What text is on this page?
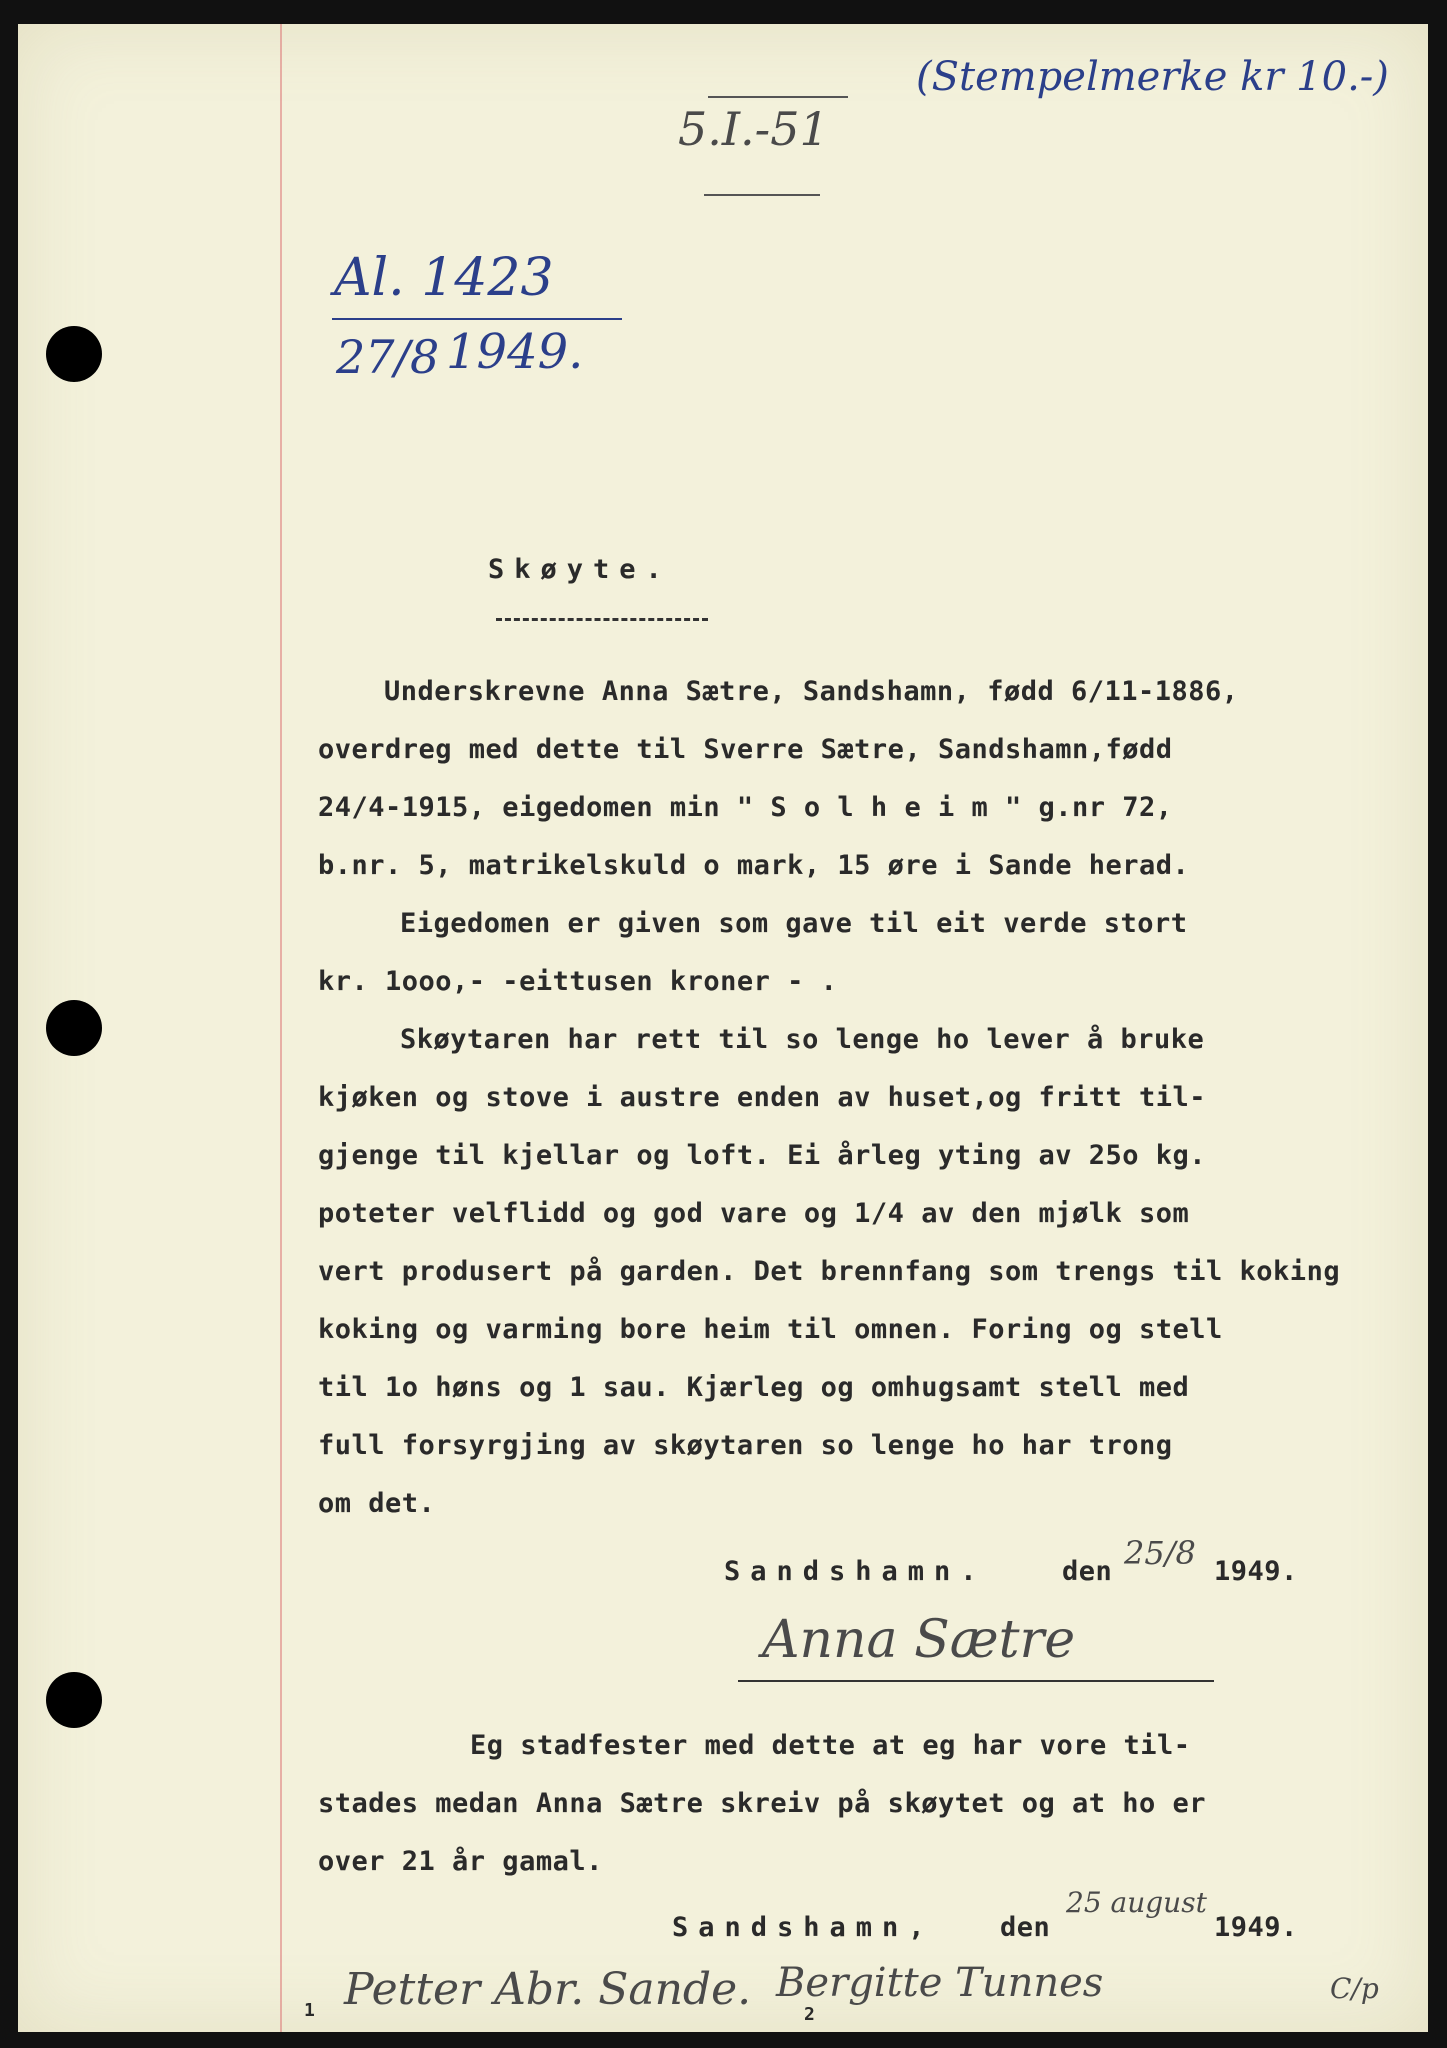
(Stempelmerke kr 10.-)
5.I.-51
Al. 1423
27/8 1949.
Skøyte.
Underskrevne Anna Sætre, Sandshamn, fødd 6/11-1886,
overdreg med dette til Sverre Sætre, Sandshamn,fødd
24/4-1915, eigedomen min " S o l h e i m " g.nr 72,
b.nr. 5, matrikelskuld o mark, 15 øre i Sande herad.
Eigedomen er given som gave til eit verde stort
kr. 1ooo,- -eittusen kroner - .
Skøytaren har rett til so lenge ho lever å bruke
kjøken og stove i austre enden av huset,og fritt til-
gjenge til kjellar og loft. Ei årleg yting av 25o kg.
poteter velflidd og god vare og 1/4 av den mjølk som
vert produsert på garden. Det brennfang som trengs til koking
koking og varming bore heim til omnen. Foring og stell
til 1o høns og 1 sau. Kjærleg og omhugsamt stell med
full forsyrgjing av skøytaren so lenge ho har trong
om det.
Sandshamn.	den 25/8 1949.
Anna Sætre
Eg stadfester med dette at eg har vore til-
stades medan Anna Sætre skreiv på skøytet og at ho er
over 21 år gamal.
Sandshamn, den
25 august
1949.
Petter Abr. Sande. Bergitte Tunnes
1	2
C/p
